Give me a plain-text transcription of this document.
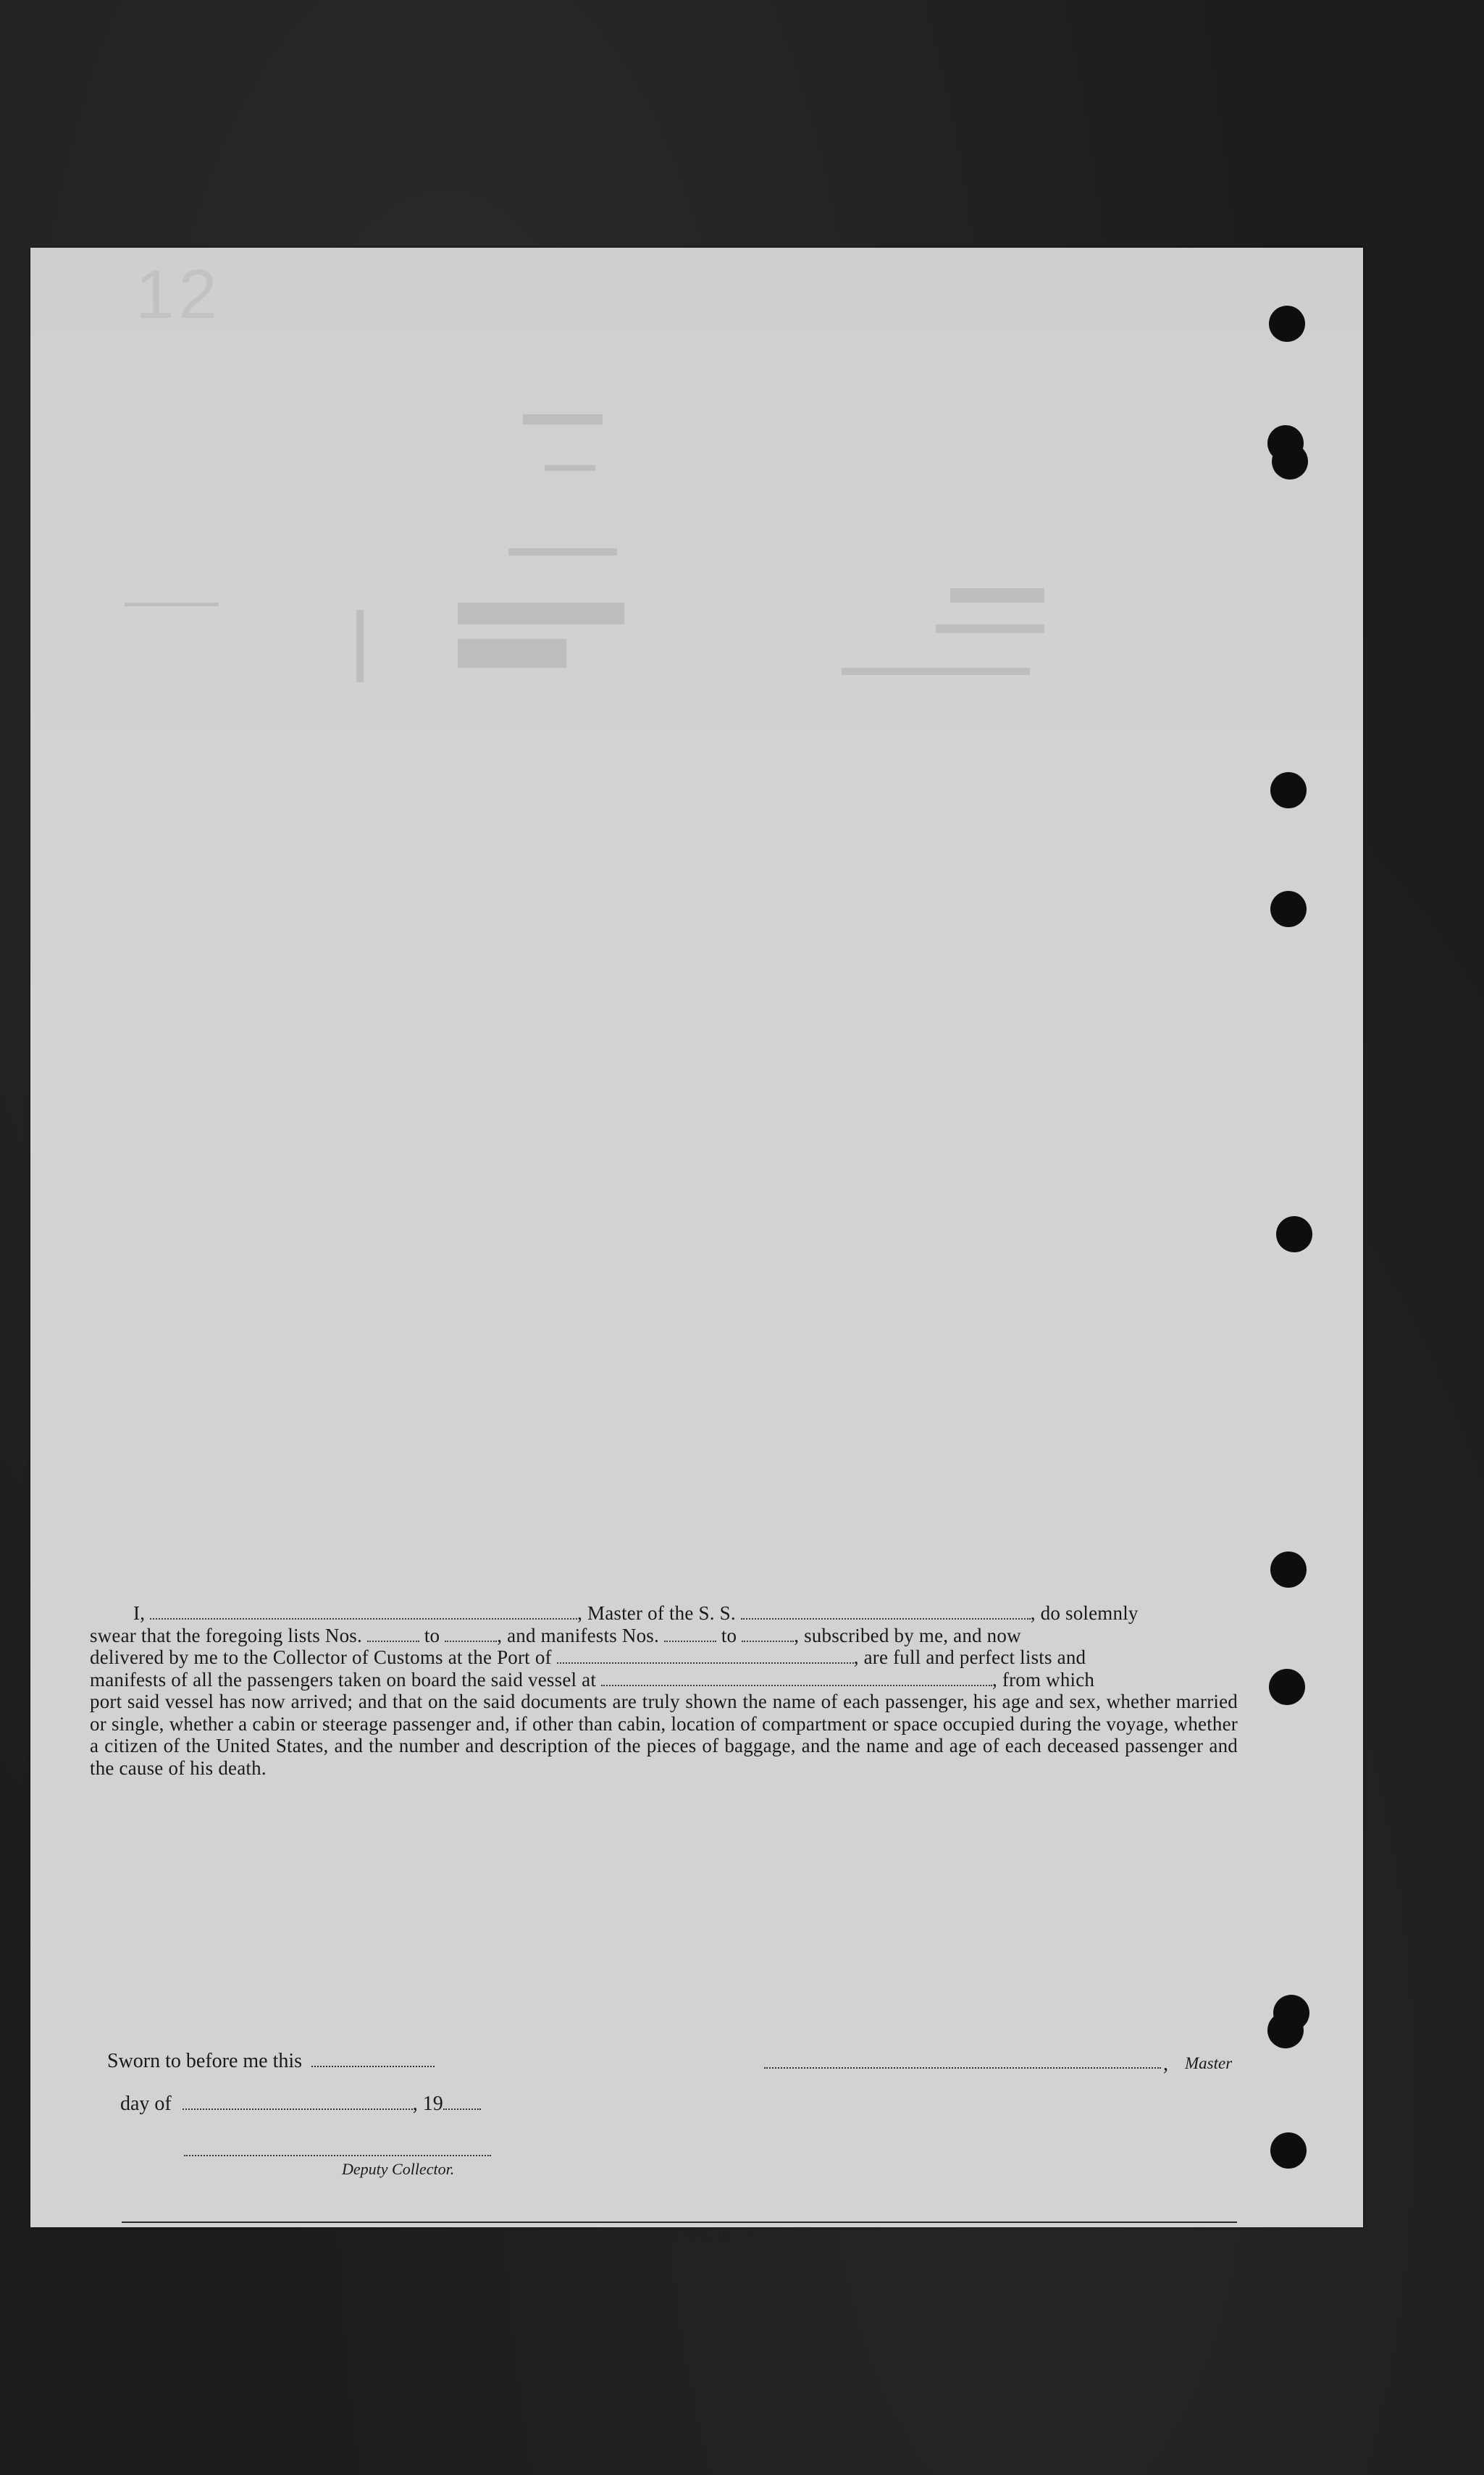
12

I,	, Master of the S. S.	, do solemnly

swear that the foregoing lists Nos.	to	, and manifests Nos.	to	, subscribed by me, and now

delivered by me to the Collector of Customs at the Port of	, are full and perfect lists and

manifests of all the passengers taken on board the said vessel at	, from which

port said vessel has now arrived; and that on the said documents are truly shown the name of each passenger, his age and sex, whether married or single, whether a cabin or steerage passenger and, if other than cabin, location of compartment or space occupied during the voyage, whether a citizen of the United States, and the number and description of the pieces of baggage, and the name and age of each deceased passenger and the cause of his death.

Sworn to before me this	, Master
day of	, 19
Deputy Collector.
For sale by Statistical Press, Inc., New York, N. Y.
